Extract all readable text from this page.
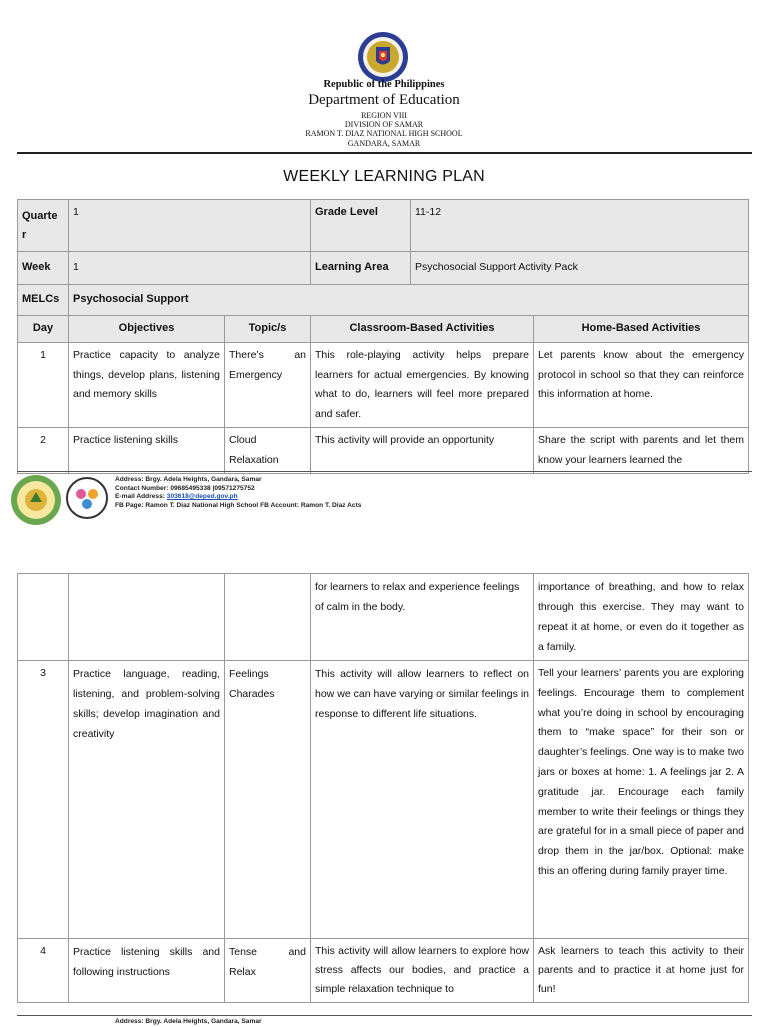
Republic of the Philippines
Department of Education
REGION VIII
DIVISION OF SAMAR
RAMON T. DIAZ NATIONAL HIGH SCHOOL
GANDARA, SAMAR
WEEKLY LEARNING PLAN
Quarte r	1		Grade Level	11-12	
Week	1		Learning Area	Psychosocial Support Activity Pack	
MELCs	Psychosocial Support				
Day	Objectives	Topic/s	Classroom-Based Activities		Home-Based Activities
1	Practice capacity to analyze things, develop plans, listening and memory skills	There’s an Emergency	This role-playing activity helps prepare learners for actual emergencies. By knowing what to do, learners will feel more prepared and safer.		Let parents know about the emergency protocol in school so that they can reinforce this information at home.
2	Practice listening skills	Cloud Relaxation	This activity will provide an opportunity		Share the script with parents and let them know your learners learned the
Address: Brgy. Adela Heights, Gandara, Samar
Contact Number: 09685495338 |09571275752
E-mail Address: 303618@deped.gov.ph
FB Page: Ramon T. Diaz National High School FB Account: Ramon T. Diaz Acts
			for learners to relax and experience feelings of calm in the body.	importance of breathing, and how to relax through this exercise. They may want to repeat it at home, or even do it together as a family.
3	Practice language, reading, listening, and problem-solving skills; develop imagination and creativity	Feelings Charades	This activity will allow learners to reflect on how we can have varying or similar feelings in response to different life situations.	Tell your learners’ parents you are exploring feelings. Encourage them to complement what you’re doing in school by encouraging them to “make space” for their son or daughter’s feelings. One way is to make two jars or boxes at home: 1. A feelings jar 2. A gratitude jar. Encourage each family member to write their feelings or things they are grateful for in a small piece of paper and drop them in the jar/box. Optional: make this an offering during family prayer time.
4	Practice listening skills and following instructions	Tense and Relax	This activity will allow learners to explore how stress affects our bodies, and practice a simple relaxation technique to	Ask learners to teach this activity to their parents and to practice it at home just for fun!
Address: Brgy. Adela Heights, Gandara, Samar
